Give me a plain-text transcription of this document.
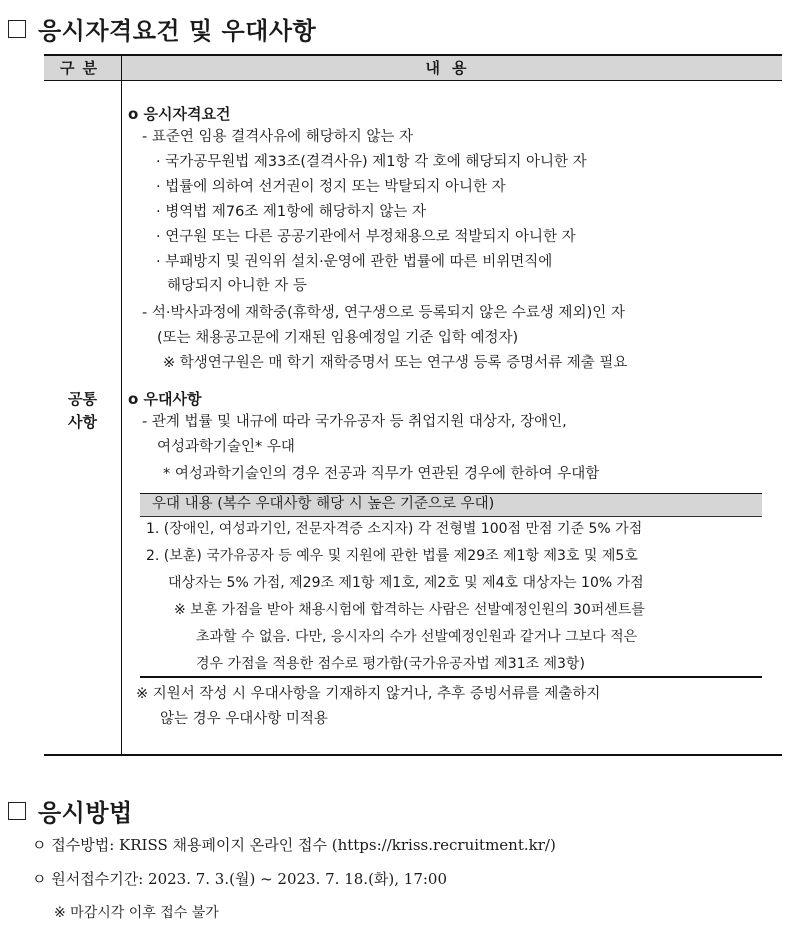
응시자격요건 및 우대사항
구분	내용
공통
사항
o 응시자격요건
- 표준연 임용 결격사유에 해당하지 않는 자
· 국가공무원법 제33조(결격사유) 제1항 각 호에 해당되지 아니한 자
· 법률에 의하여 선거권이 정지 또는 박탈되지 아니한 자
· 병역법 제76조 제1항에 해당하지 않는 자
· 연구원 또는 다른 공공기관에서 부정채용으로 적발되지 아니한 자
· 부패방지 및 권익위 설치·운영에 관한 법률에 따른 비위면직에
해당되지 아니한 자 등
- 석·박사과정에 재학중(휴학생, 연구생으로 등록되지 않은 수료생 제외)인 자
(또는 채용공고문에 기재된 임용예정일 기준 입학 예정자)
※ 학생연구원은 매 학기 재학증명서 또는 연구생 등록 증명서류 제출 필요
o 우대사항
- 관계 법률 및 내규에 따라 국가유공자 등 취업지원 대상자, 장애인,
여성과학기술인* 우대
* 여성과학기술인의 경우 전공과 직무가 연관된 경우에 한하여 우대함
우대 내용 (복수 우대사항 해당 시 높은 기준으로 우대)
1. (장애인, 여성과기인, 전문자격증 소지자) 각 전형별 100점 만점 기준 5% 가점
2. (보훈) 국가유공자 등 예우 및 지원에 관한 법률 제29조 제1항 제3호 및 제5호
대상자는 5% 가점, 제29조 제1항 제1호, 제2호 및 제4호 대상자는 10% 가점
※ 보훈 가점을 받아 채용시험에 합격하는 사람은 선발예정인원의 30퍼센트를
초과할 수 없음. 다만, 응시자의 수가 선발예정인원과 같거나 그보다 적은
경우 가점을 적용한 점수로 평가함(국가유공자법 제31조 제3항)
※ 지원서 작성 시 우대사항을 기재하지 않거나, 추후 증빙서류를 제출하지
않는 경우 우대사항 미적용
응시방법
ㅇ 접수방법: KRISS 채용페이지 온라인 접수 (https://kriss.recruitment.kr/)
ㅇ 원서접수기간: 2023. 7. 3.(월) ~ 2023. 7. 18.(화), 17:00
※ 마감시각 이후 접수 불가
